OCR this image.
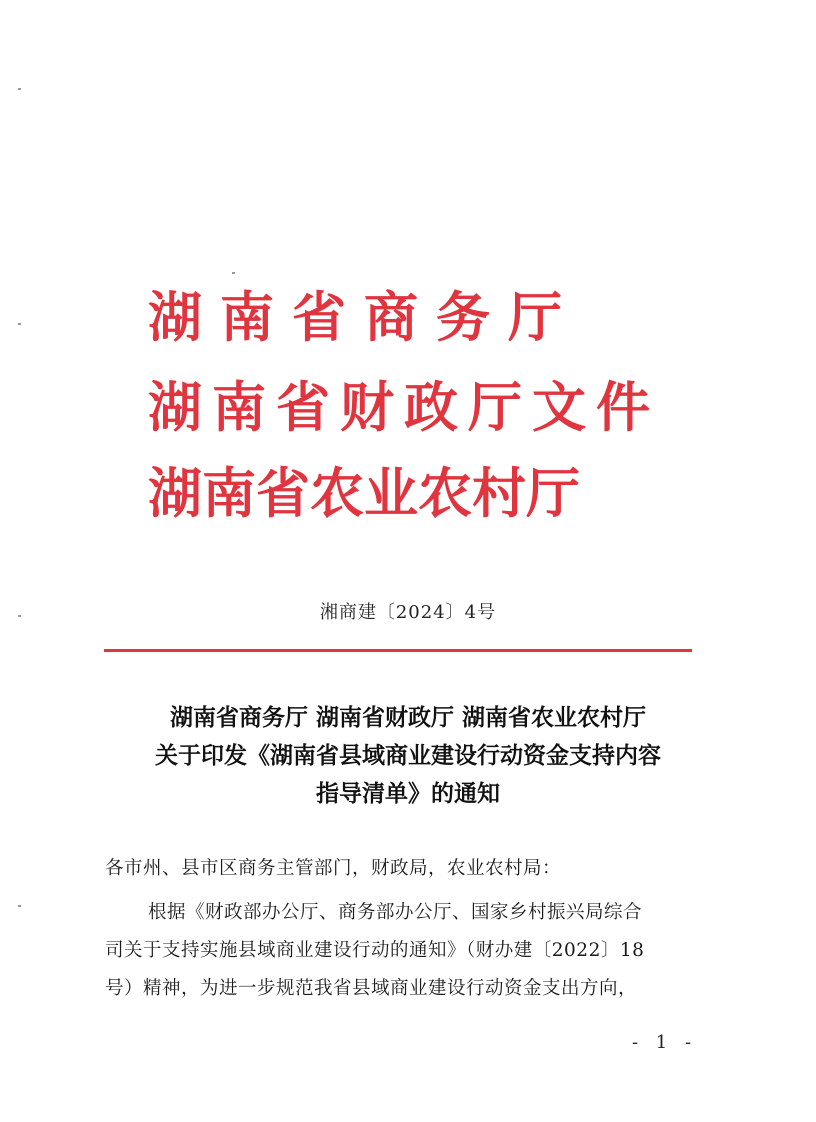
湖南省商务厅
湖南省财政厅文件
湖南省农业农村厅
湘商建〔2024〕4号
湖南省商务厅 湖南省财政厅 湖南省农业农村厅
关于印发《湖南省县域商业建设行动资金支持内容
指导清单》的通知
各市州、县市区商务主管部门，财政局，农业农村局：
根据《财政部办公厅、商务部办公厅、国家乡村振兴局综合
司关于支持实施县域商业建设行动的通知》（财办建〔2022〕18
号）精神，为进一步规范我省县域商业建设行动资金支出方向，
- 1 -
